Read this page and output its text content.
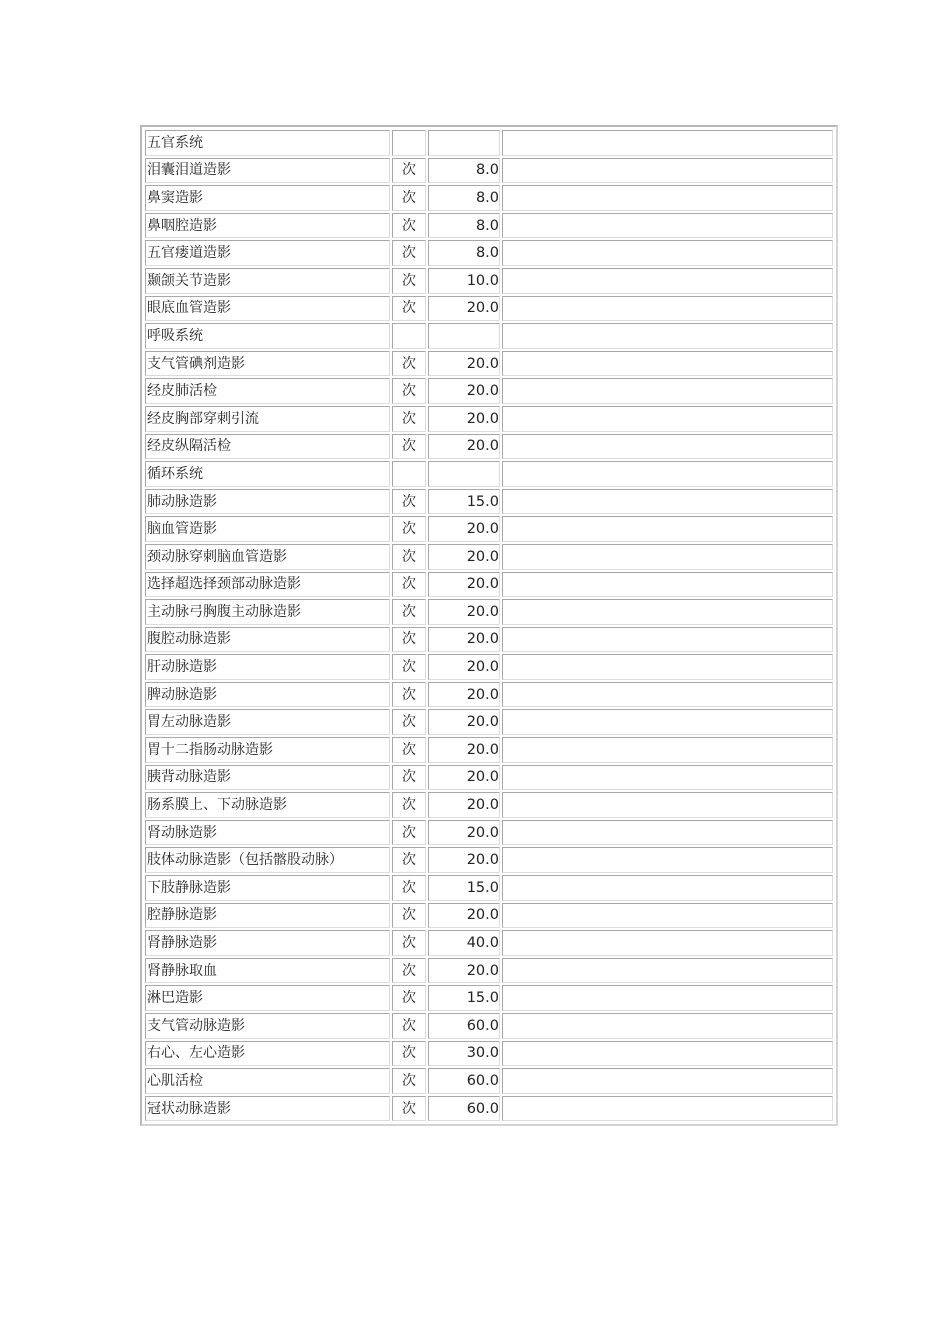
五官系统			
泪囊泪道造影	次	8.0	
鼻窦造影	次	8.0	
鼻咽腔造影	次	8.0	
五官瘘道造影	次	8.0	
颞颌关节造影	次	10.0	
眼底血管造影	次	20.0	
呼吸系统			
支气管碘剂造影	次	20.0	
经皮肺活检	次	20.0	
经皮胸部穿刺引流	次	20.0	
经皮纵隔活检	次	20.0	
循环系统			
肺动脉造影	次	15.0	
脑血管造影	次	20.0	
颈动脉穿刺脑血管造影	次	20.0	
选择超选择颈部动脉造影	次	20.0	
主动脉弓胸腹主动脉造影	次	20.0	
腹腔动脉造影	次	20.0	
肝动脉造影	次	20.0	
脾动脉造影	次	20.0	
胃左动脉造影	次	20.0	
胃十二指肠动脉造影	次	20.0	
胰背动脉造影	次	20.0	
肠系膜上、下动脉造影	次	20.0	
肾动脉造影	次	20.0	
肢体动脉造影（包括髂股动脉）	次	20.0	
下肢静脉造影	次	15.0	
腔静脉造影	次	20.0	
肾静脉造影	次	40.0	
肾静脉取血	次	20.0	
淋巴造影	次	15.0	
支气管动脉造影	次	60.0	
右心、左心造影	次	30.0	
心肌活检	次	60.0	
冠状动脉造影	次	60.0	
